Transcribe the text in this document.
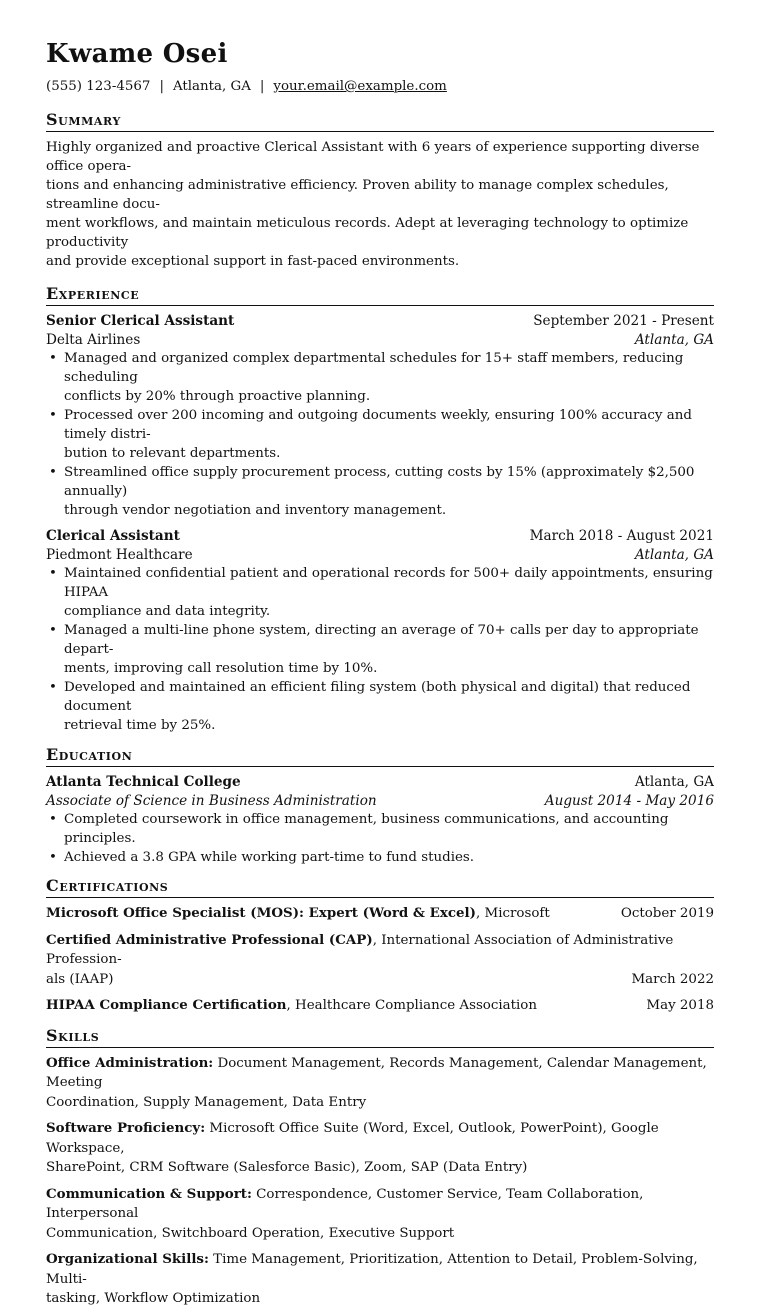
Kwame Osei
(555) 123-4567 | Atlanta, GA | your.email@example.com
Summary
Highly organized and proactive Clerical Assistant with 6 years of experience supporting diverse office opera-
tions and enhancing administrative efficiency. Proven ability to manage complex schedules, streamline docu-
ment workflows, and maintain meticulous records. Adept at leveraging technology to optimize productivity
and provide exceptional support in fast-paced environments.
Experience
Senior Clerical Assistant	September 2021 - Present
Delta Airlines	Atlanta, GA
• Managed and organized complex departmental schedules for 15+ staff members, reducing scheduling
conflicts by 20% through proactive planning.
• Processed over 200 incoming and outgoing documents weekly, ensuring 100% accuracy and timely distri-
bution to relevant departments.
• Streamlined office supply procurement process, cutting costs by 15% (approximately $2,500 annually)
through vendor negotiation and inventory management.
Clerical Assistant	March 2018 - August 2021
Piedmont Healthcare	Atlanta, GA
• Maintained confidential patient and operational records for 500+ daily appointments, ensuring HIPAA
compliance and data integrity.
• Managed a multi-line phone system, directing an average of 70+ calls per day to appropriate depart-
ments, improving call resolution time by 10%.
• Developed and maintained an efficient filing system (both physical and digital) that reduced document
retrieval time by 25%.
Education
Atlanta Technical College	Atlanta, GA
Associate of Science in Business Administration	August 2014 - May 2016
• Completed coursework in office management, business communications, and accounting principles.
• Achieved a 3.8 GPA while working part-time to fund studies.
Certifications
Microsoft Office Specialist (MOS): Expert (Word & Excel), Microsoft	October 2019
Certified Administrative Professional (CAP), International Association of Administrative Profession-
als (IAAP)	March 2022
HIPAA Compliance Certification, Healthcare Compliance Association	May 2018
Skills
Office Administration: Document Management, Records Management, Calendar Management, Meeting
Coordination, Supply Management, Data Entry
Software Proficiency: Microsoft Office Suite (Word, Excel, Outlook, PowerPoint), Google Workspace,
SharePoint, CRM Software (Salesforce Basic), Zoom, SAP (Data Entry)
Communication & Support: Correspondence, Customer Service, Team Collaboration, Interpersonal
Communication, Switchboard Operation, Executive Support
Organizational Skills: Time Management, Prioritization, Attention to Detail, Problem-Solving, Multi-
tasking, Workflow Optimization
